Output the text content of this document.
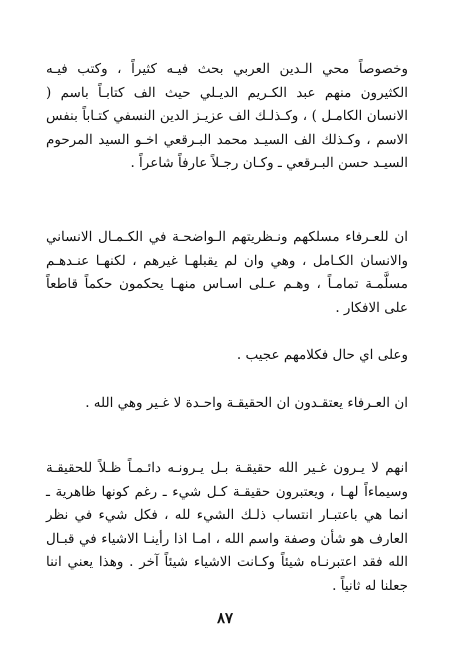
وخصوصاً محي الـدين العربي بحث فيـه كثيراً ، وكتب فيـه الكثيرون منهم عبد الكـريم الديـلي حيث الف كتابـاً باسم ( الانسان الكامـل ) ، وكـذلـك الف عزيـز الدين النسفي كتـاباً بنفس الاسم ، وكـذلك الف السيـد محمد البـرقعي اخـو السيد المرحوم السيـد حسن البـرقعي ـ وكـان رجـلاً عارفاً شاعراً .

ان للعـرفاء مسلكهم ونـظريتهم الـواضحـة في الكـمـال الانساني والانسان الكـامل ، وهي وان لم يقبلهـا غيرهم ، لكنهـا عنـدهـم مسلَّمـة تمامـاً ، وهـم عـلى اسـاس منهـا يحكمون حكماً قاطعاً على الافكار .

وعلى اي حال فكلامهم عجيب .

ان العـرفاء يعتقـدون ان الحقيقـة واحـدة لا غـير وهي الله .

انهم لا يـرون غـير الله حقيقـة بـل يـرونـه دائـمـاً ظـلاً للحقيقـة وسيماءاً لهـا ، ويعتبرون حقيقـة كـل شيء ـ رغم كونها ظاهرية ـ انما هي باعتبـار انتساب ذلـك الشيء لله ، فكل شيء في نظر العارف هو شأن وصفة واسم الله ، امـا اذا رأينـا الاشياء في قبـال الله فقد اعتبرنـاه شيئاً وكـانت الاشياء شيئاً آخر . وهذا يعني اننا جعلنا له ثانياً .

٨٧
